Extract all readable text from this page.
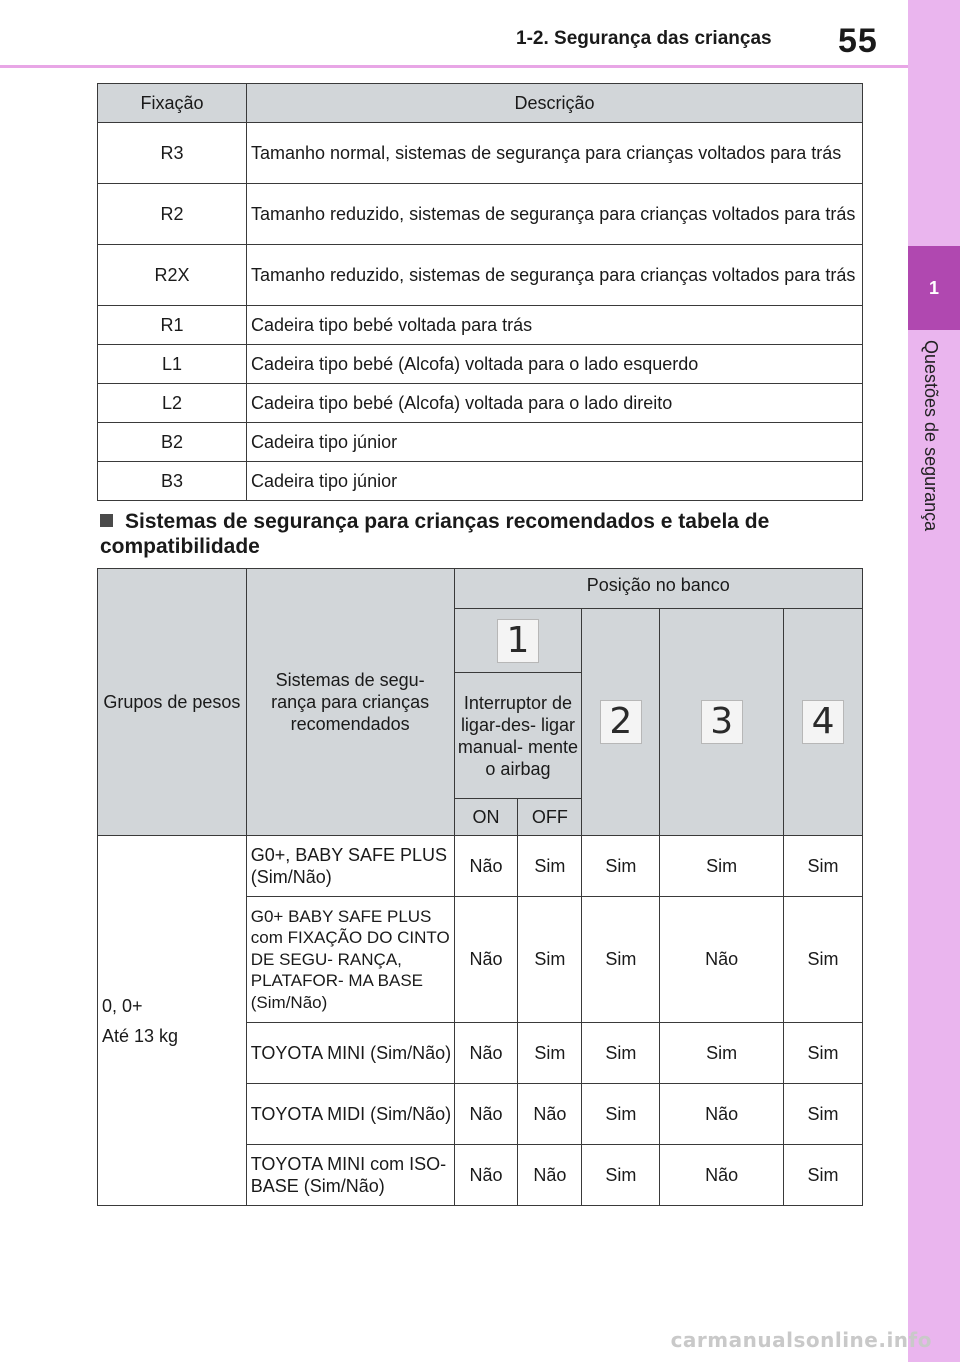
1-2. Segurança das crianças 55
1
Questões de segurança
Fixação	Descrição
R3	Tamanho normal, sistemas de segurança para crianças voltados para trás
R2	Tamanho reduzido, sistemas de segurança para crianças voltados para trás
R2X	Tamanho reduzido, sistemas de segurança para crianças voltados para trás
R1	Cadeira tipo bebé voltada para trás
L1	Cadeira tipo bebé (Alcofa) voltada para o lado esquerdo
L2	Cadeira tipo bebé (Alcofa) voltada para o lado direito
B2	Cadeira tipo júnior
B3	Cadeira tipo júnior
Sistemas de segurança para crianças recomendados e tabela de compatibilidade
Grupos de pesos	Sistemas de segu- rança para crianças recomendados	Posição no banco				
		1		2	3	4
		Interruptor de ligar-des- ligar manual- mente o airbag				
		ON	OFF			

0, 0+
Até 13 kg	G0+, BABY SAFE PLUS (Sim/Não)	Não	Sim	Sim	Sim	Sim
	G0+ BABY SAFE PLUS com FIXAÇÃO DO CINTO DE SEGU- RANÇA, PLATAFOR- MA BASE (Sim/Não)	Não	Sim	Sim	Não	Sim
	TOYOTA MINI (Sim/Não)	Não	Sim	Sim	Sim	Sim
	TOYOTA MIDI (Sim/Não)	Não	Não	Sim	Não	Sim
	TOYOTA MINI com ISO-BASE (Sim/Não)	Não	Não	Sim	Não	Sim
carmanualsonline.info
